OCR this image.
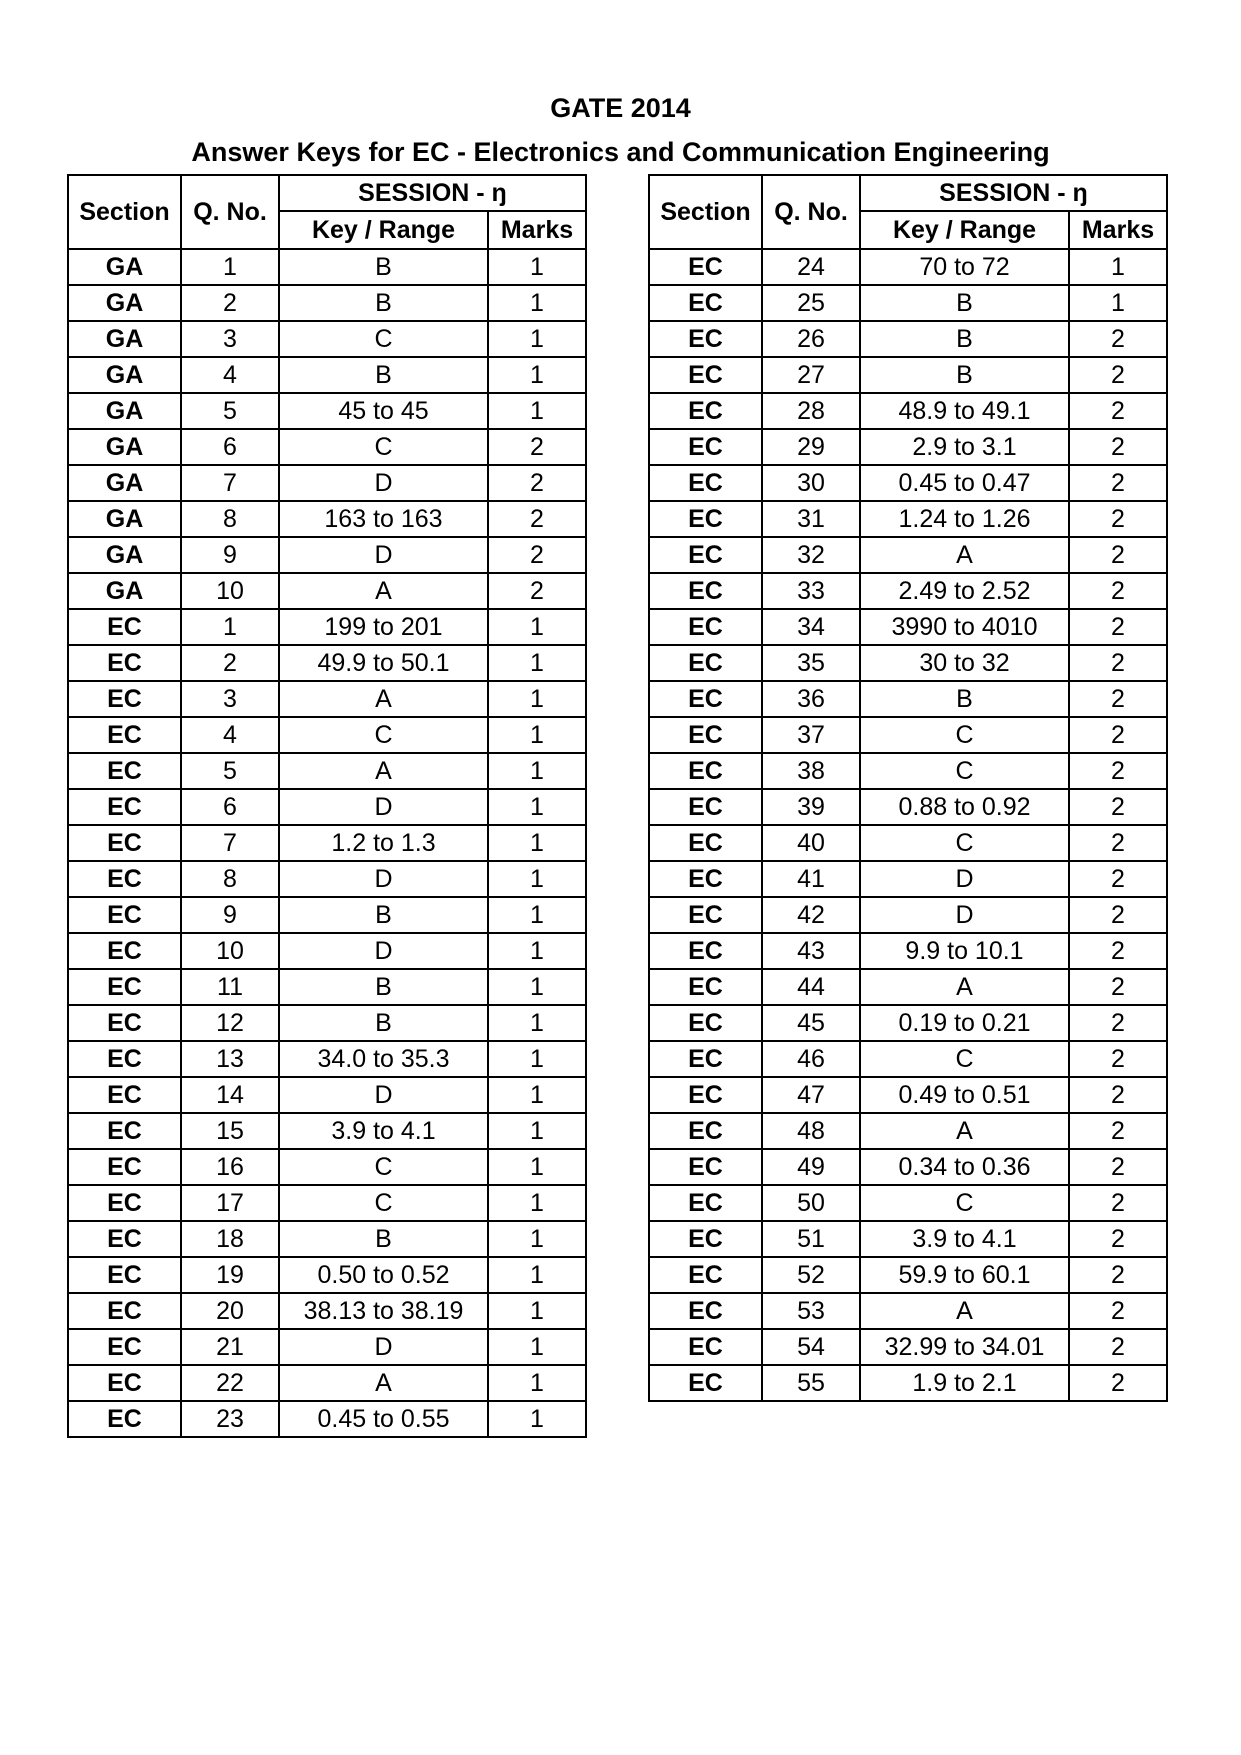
GATE 2014
Answer Keys for EC - Electronics and Communication Engineering
Section	Q. No.	SESSION - ŋ	
		Key / Range	Marks
GA	1	B	1
GA	2	B	1
GA	3	C	1
GA	4	B	1
GA	5	45 to 45	1
GA	6	C	2
GA	7	D	2
GA	8	163 to 163	2
GA	9	D	2
GA	10	A	2
EC	1	199 to 201	1
EC	2	49.9 to 50.1	1
EC	3	A	1
EC	4	C	1
EC	5	A	1
EC	6	D	1
EC	7	1.2 to 1.3	1
EC	8	D	1
EC	9	B	1
EC	10	D	1
EC	11	B	1
EC	12	B	1
EC	13	34.0 to 35.3	1
EC	14	D	1
EC	15	3.9 to 4.1	1
EC	16	C	1
EC	17	C	1
EC	18	B	1
EC	19	0.50 to 0.52	1
EC	20	38.13 to 38.19	1
EC	21	D	1
EC	22	A	1
EC	23	0.45 to 0.55	1
Section	Q. No.	SESSION - ŋ	
		Key / Range	Marks
EC	24	70 to 72	1
EC	25	B	1
EC	26	B	2
EC	27	B	2
EC	28	48.9 to 49.1	2
EC	29	2.9 to 3.1	2
EC	30	0.45 to 0.47	2
EC	31	1.24 to 1.26	2
EC	32	A	2
EC	33	2.49 to 2.52	2
EC	34	3990 to 4010	2
EC	35	30 to 32	2
EC	36	B	2
EC	37	C	2
EC	38	C	2
EC	39	0.88 to 0.92	2
EC	40	C	2
EC	41	D	2
EC	42	D	2
EC	43	9.9 to 10.1	2
EC	44	A	2
EC	45	0.19 to 0.21	2
EC	46	C	2
EC	47	0.49 to 0.51	2
EC	48	A	2
EC	49	0.34 to 0.36	2
EC	50	C	2
EC	51	3.9 to 4.1	2
EC	52	59.9 to 60.1	2
EC	53	A	2
EC	54	32.99 to 34.01	2
EC	55	1.9 to 2.1	2
